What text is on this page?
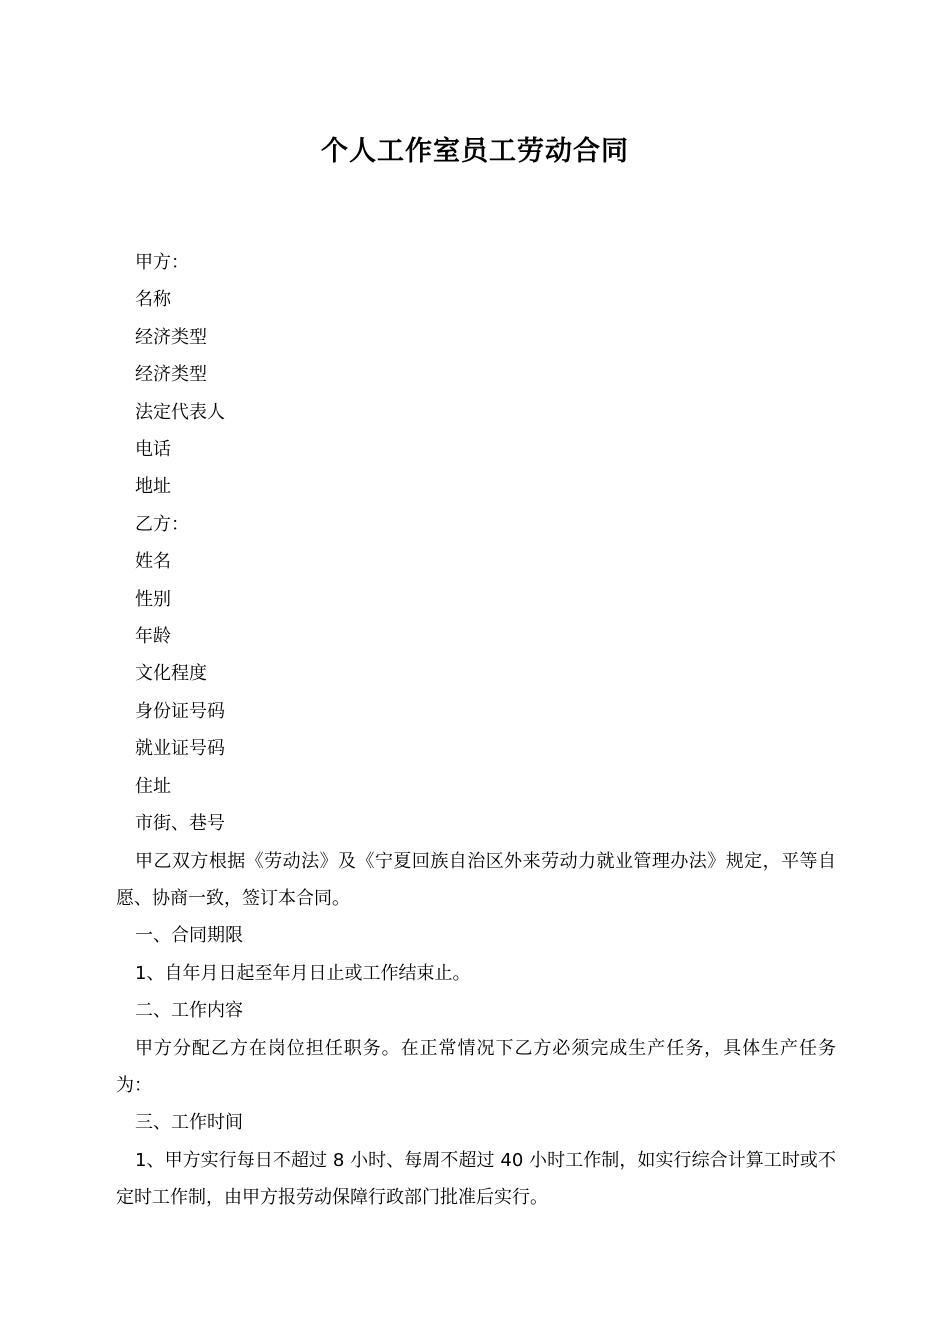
个人工作室员工劳动合同

甲方：

名称

经济类型

经济类型

法定代表人

电话

地址

乙方：

姓名

性别

年龄

文化程度

身份证号码

就业证号码

住址

市街、巷号

甲乙双方根据《劳动法》及《宁夏回族自治区外来劳动力就业管理办法》规定，平等自愿、协商一致，签订本合同。

一、合同期限

1、自年月日起至年月日止或工作结束止。

二、工作内容

甲方分配乙方在岗位担任职务。在正常情况下乙方必须完成生产任务，具体生产任务为：

三、工作时间

1、甲方实行每日不超过 8 小时、每周不超过 40 小时工作制，如实行综合计算工时或不定时工作制，由甲方报劳动保障行政部门批准后实行。
